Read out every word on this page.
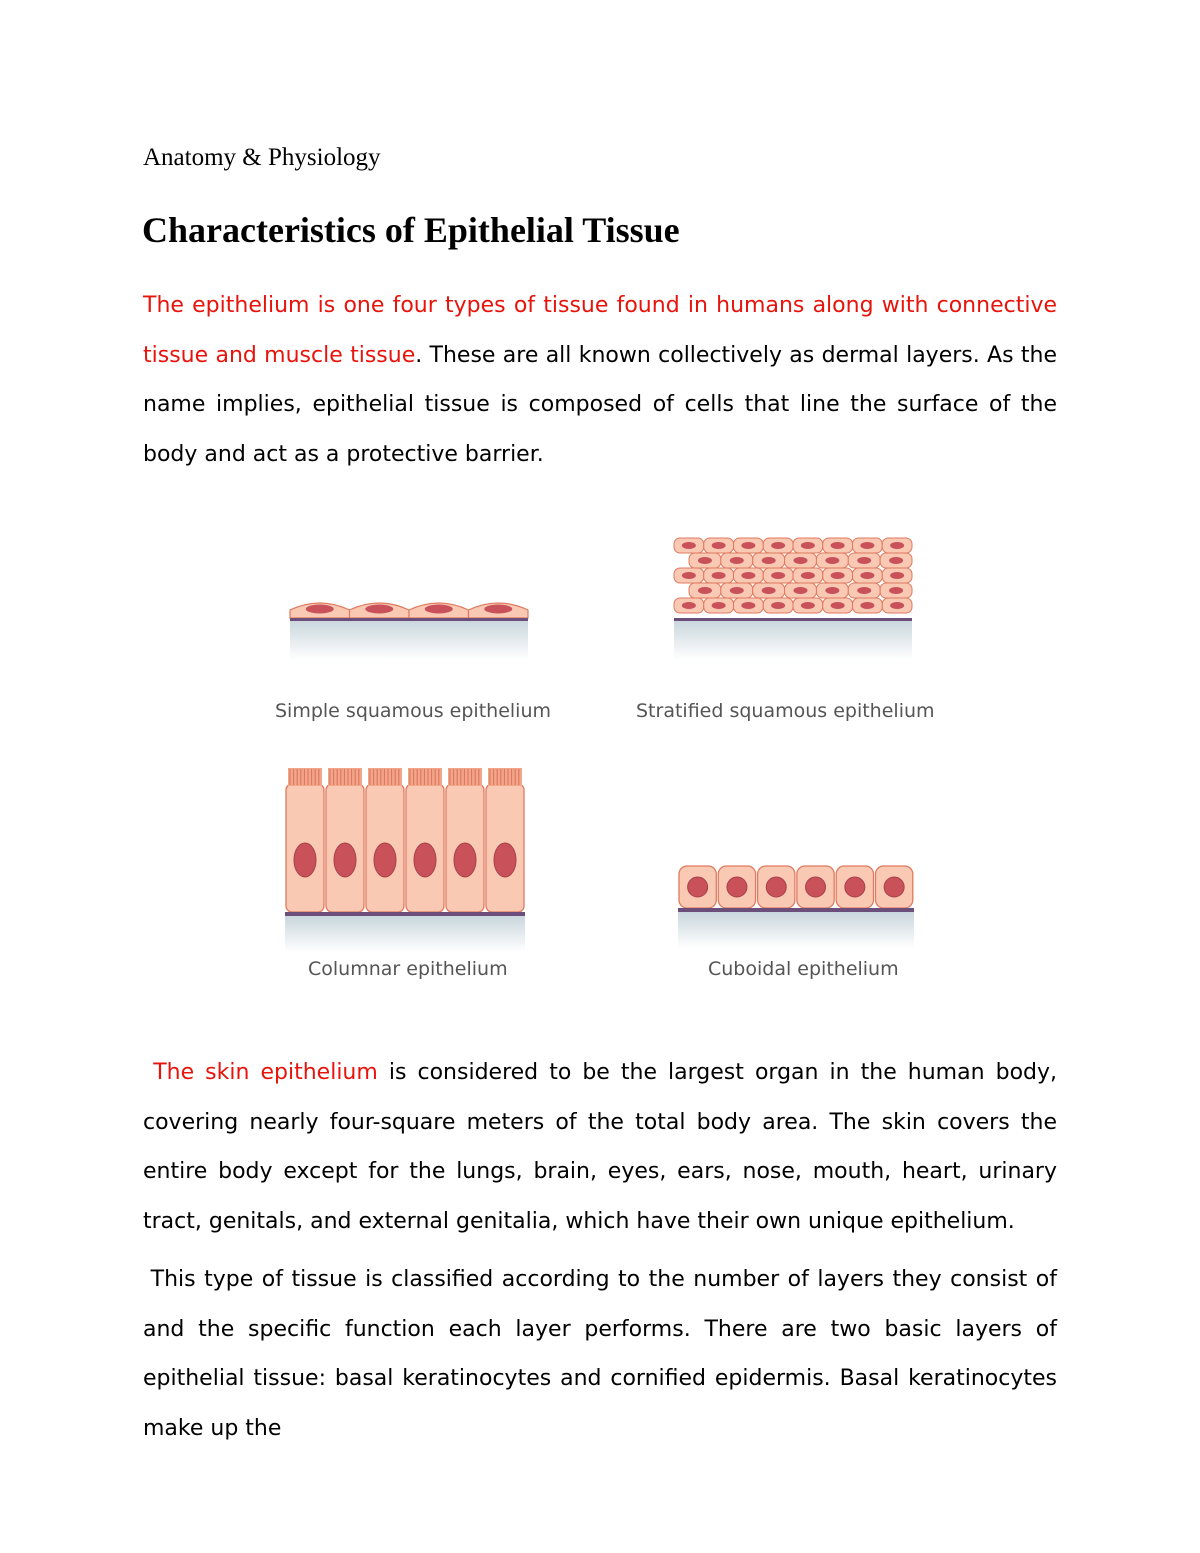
Anatomy & Physiology
Characteristics of Epithelial Tissue

The epithelium is one four types of tissue found in humans along with connective tissue and muscle tissue. These are all known collectively as dermal layers. As the name implies, epithelial tissue is composed of cells that line the surface of the body and act as a protective barrier.

Simple squamous epithelium	Stratified squamous epithelium
Columnar epithelium	Cuboidal epithelium

The skin epithelium is considered to be the largest organ in the human body, covering nearly four-square meters of the total body area. The skin covers the entire body except for the lungs, brain, eyes, ears, nose, mouth, heart, urinary tract, genitals, and external genitalia, which have their own unique epithelium.

This type of tissue is classified according to the number of layers they consist of and the specific function each layer performs. There are two basic layers of epithelial tissue: basal keratinocytes and cornified epidermis. Basal keratinocytes make up the
